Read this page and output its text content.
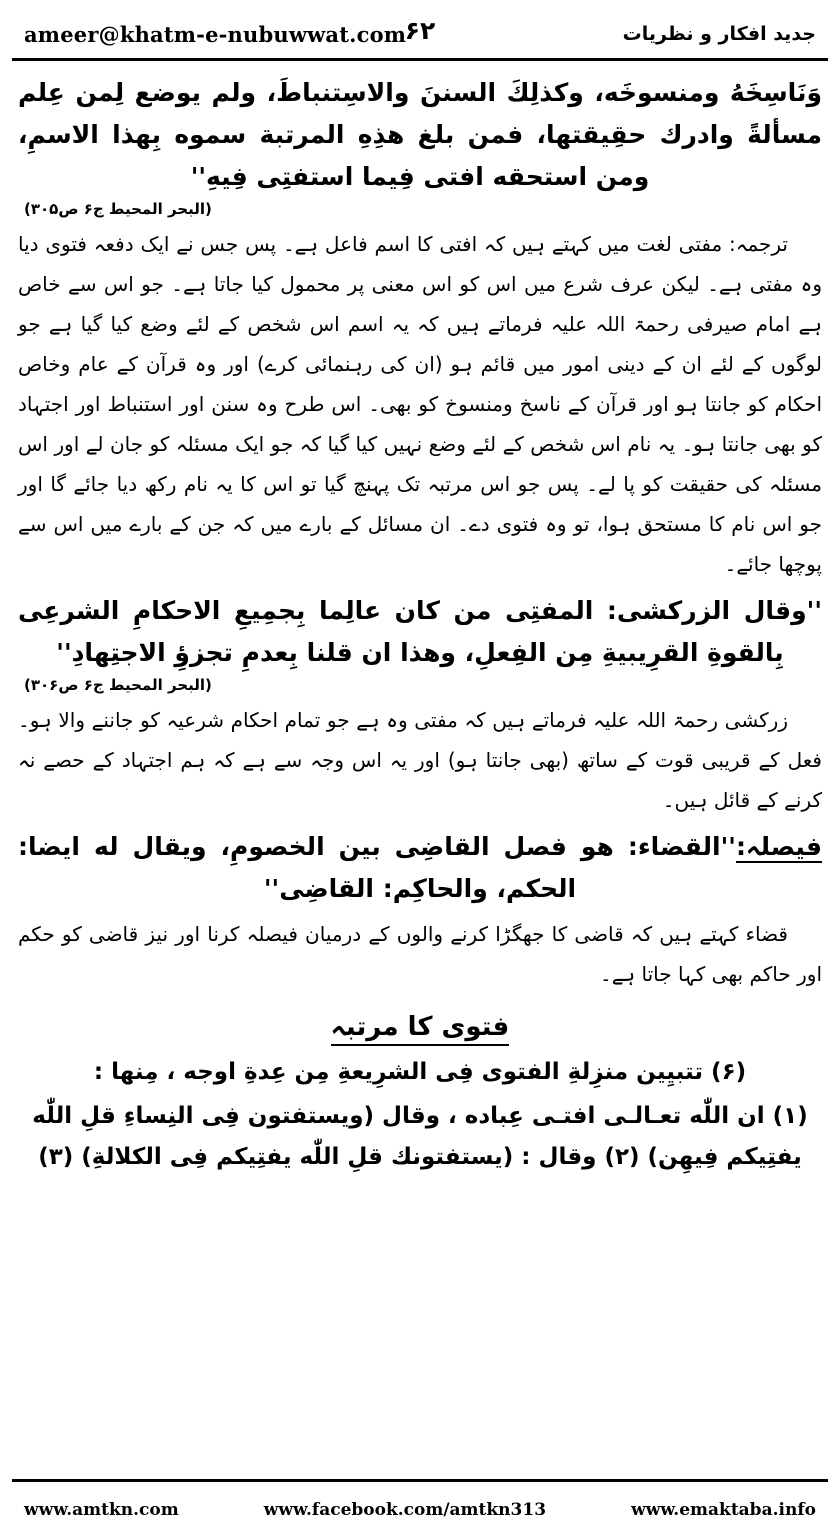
ameer@khatm-e-nubuwwat.com
۶۲	جدید افکار و نظریات

وَنَاسِخَهُ ومنسوخَه، وكذلِكَ السننَ والاسِتنباطَ، ولم يوضع لِمن عِلم مسألةً وادرك حقِيقتها، فمن بلغ هذِهِ المرتبة سموه بِهذا الاسمِ، ومن استحقه افتى فِيما استفتِى فِيهِ''

(البحر المحیط ج۶ ص۳۰۵)

ترجمہ: مفتی لغت میں کہتے ہیں کہ افتی کا اسم فاعل ہے۔ پس جس نے ایک دفعہ فتوی دیا وہ مفتی ہے۔ لیکن عرف شرع میں اس کو اس معنی پر محمول کیا جاتا ہے۔ جو اس سے خاص ہے امام صیرفی رحمۃ اللہ علیہ فرماتے ہیں کہ یہ اسم اس شخص کے لئے وضع کیا گیا ہے جو لوگوں کے لئے ان کے دینی امور میں قائم ہو (ان کی رہنمائی کرے) اور وہ قرآن کے عام وخاص احکام کو جانتا ہو اور قرآن کے ناسخ ومنسوخ کو بھی۔ اس طرح وہ سنن اور استنباط اور اجتہاد کو بھی جانتا ہو۔ یہ نام اس شخص کے لئے وضع نہیں کیا گیا کہ جو ایک مسئلہ کو جان لے اور اس مسئلہ کی حقیقت کو پا لے۔ پس جو اس مرتبہ تک پہنچ گیا تو اس کا یہ نام رکھ دیا جائے گا اور جو اس نام کا مستحق ہوا، تو وہ فتوی دے۔ ان مسائل کے بارے میں کہ جن کے بارے میں اس سے پوچھا جائے۔

''وقال الزركشى: المفتِى من كان عالِما بِجمِيعِ الاحكامِ الشرعِى بِالقوةِ القرِيبيةِ مِن الفِعلِ، وهذا ان قلنا بِعدمِ تجزؤِ الاجتِهادِ''

(البحر المحیط ج۶ ص۳۰۶)

زرکشی رحمۃ اللہ علیہ فرماتے ہیں کہ مفتی وہ ہے جو تمام احکام شرعیہ کو جاننے والا ہو۔ فعل کے قریبی قوت کے ساتھ (بھی جانتا ہو) اور یہ اس وجہ سے ہے کہ ہم اجتہاد کے حصے نہ کرنے کے قائل ہیں۔

فیصلہ:''القضاء: هو فصل القاضِى بين الخصومِ، ويقال له ايضا: الحكم، والحاكِم: القاضِى''

قضاء کہتے ہیں کہ قاضی کا جھگڑا کرنے والوں کے درمیان فیصلہ کرنا اور نیز قاضی کو حکم اور حاکم بھی کہا جاتا ہے۔

فتوی کا مرتبہ

(۶) تتبيِين منزِلةِ الفتوى فِى الشرِيعةِ مِن عِدةِ اوجه ، مِنها :

(۱) ان اللّٰه تعـالـى افتـى عِباده ، وقال (ويستفتون فِى النِساءِ قلِ اللّٰه يفتِيكم فِيهِن) (۲) وقال : (يستفتونك قلِ اللّٰه يفتِيكم فِى الكلالةِ) (۳)

www.amtkn.com	www.facebook.com/amtkn313	www.emaktaba.info
